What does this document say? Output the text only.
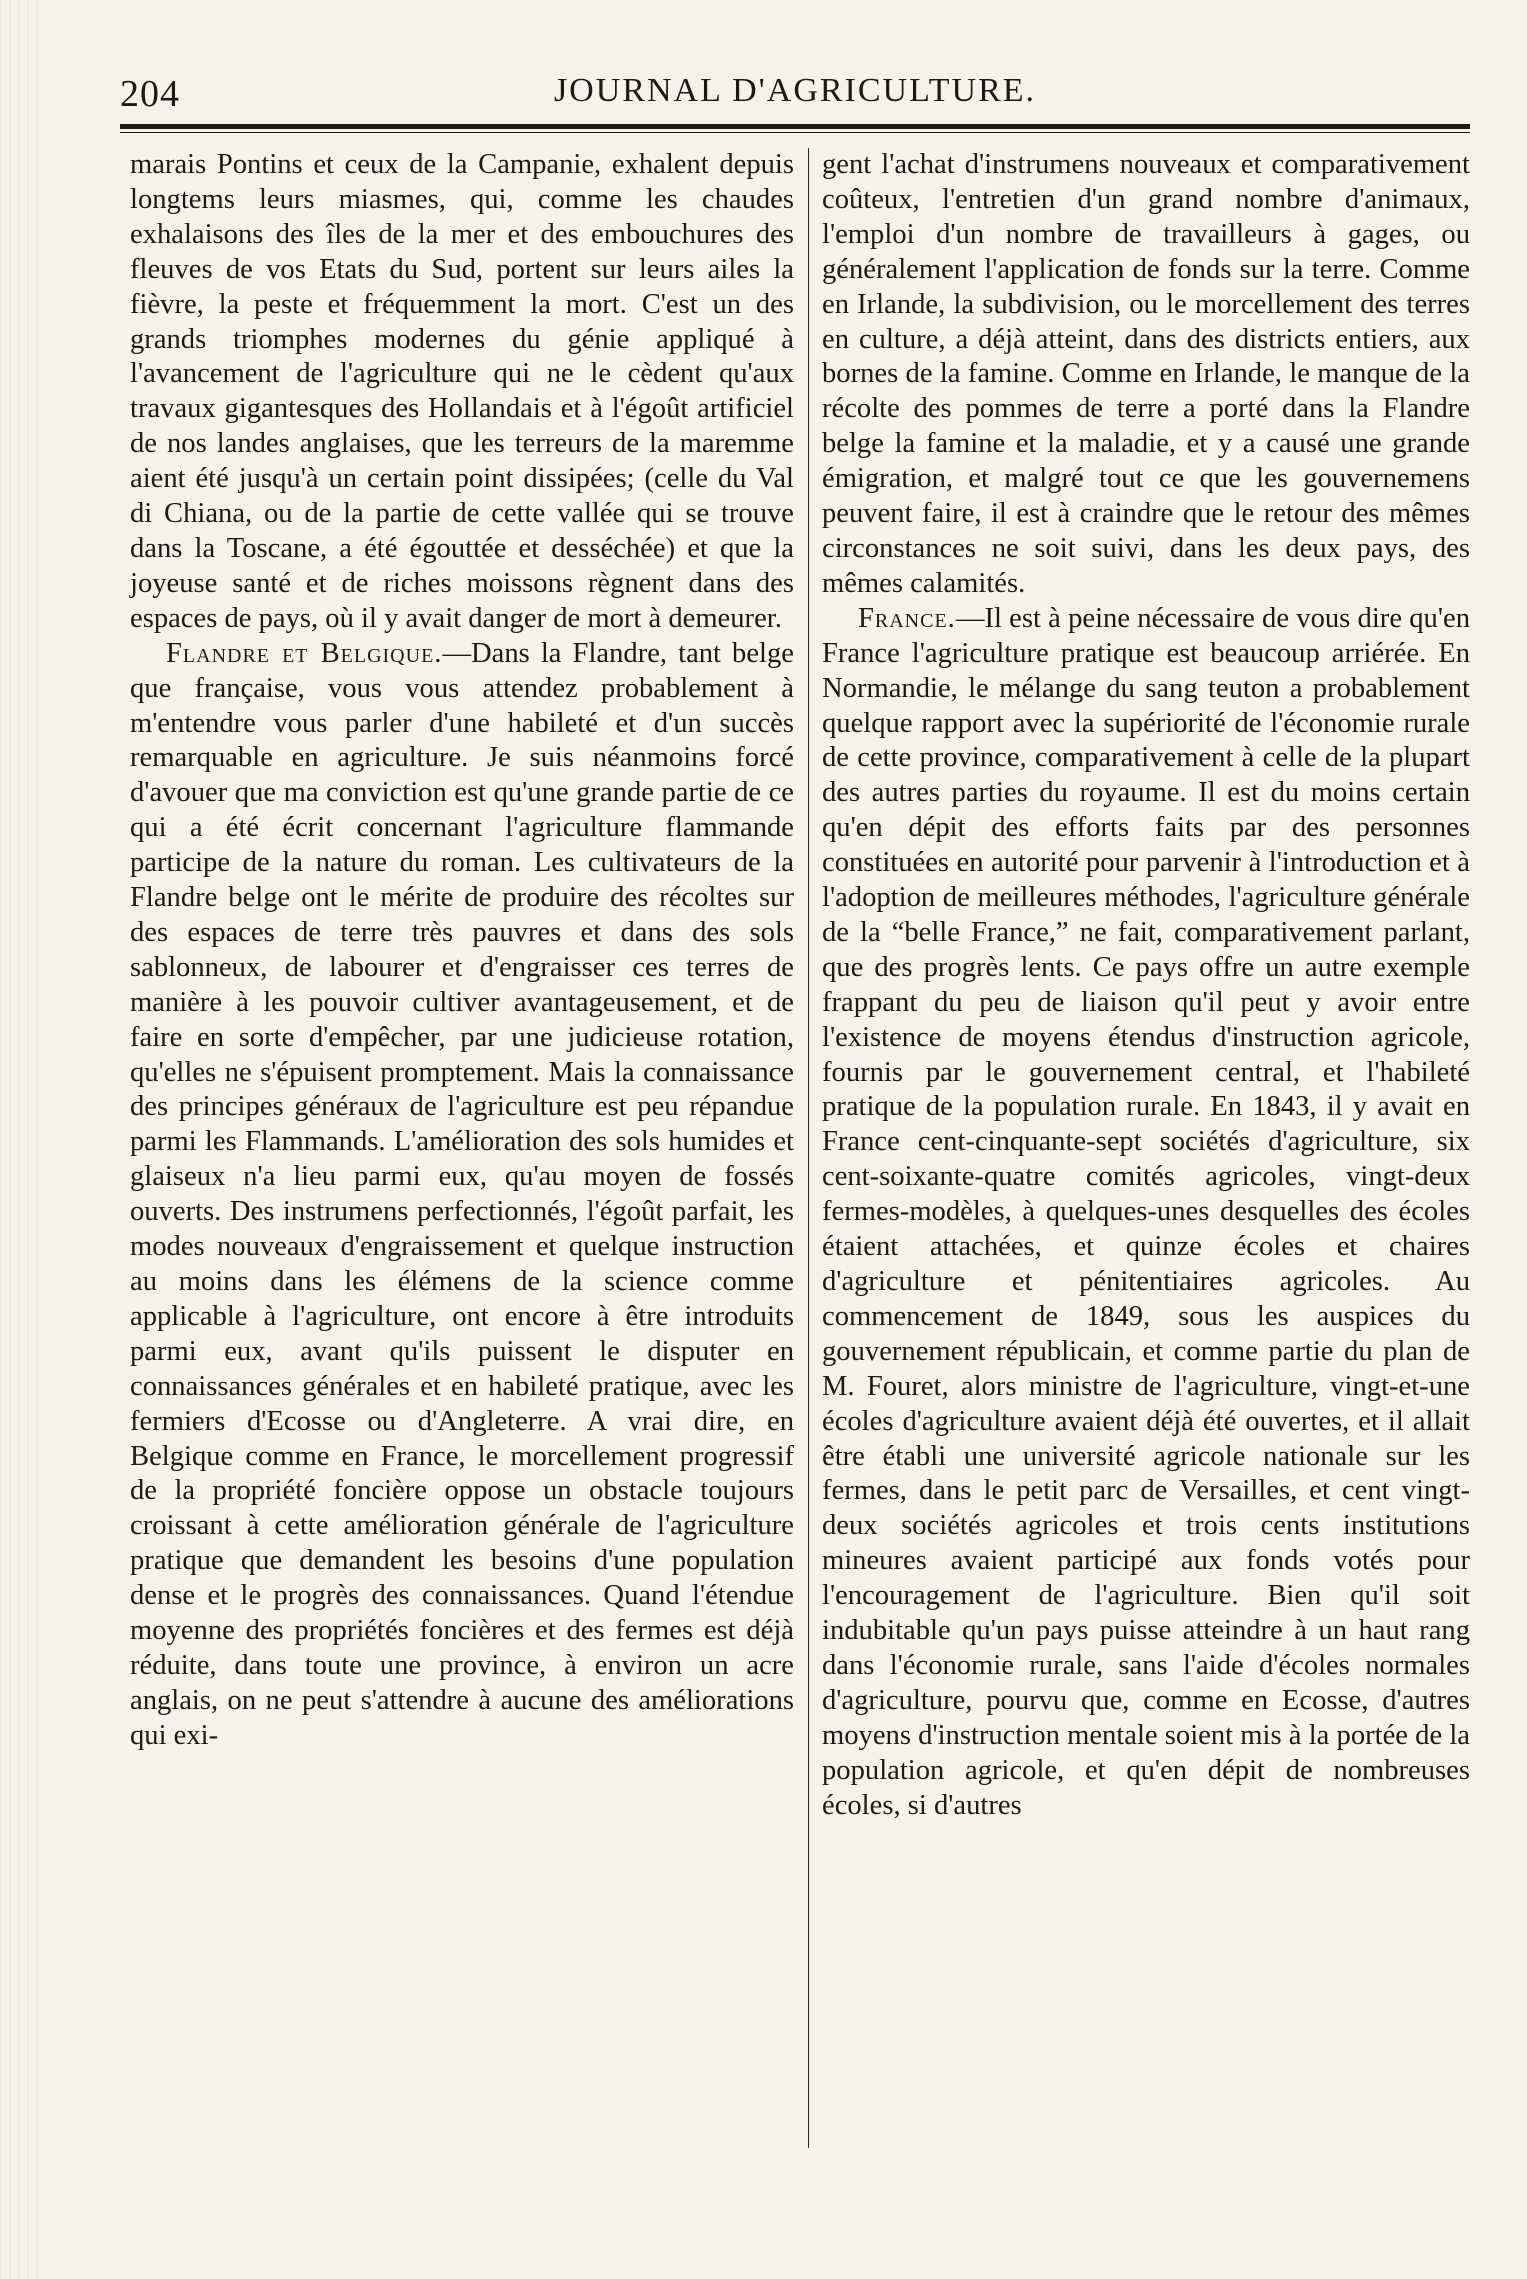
204	JOURNAL D'AGRICULTURE.

marais Pontins et ceux de la Campanie, exhalent depuis longtems leurs miasmes, qui, comme les chaudes exhalaisons des îles de la mer et des embouchures des fleuves de vos Etats du Sud, portent sur leurs ailes la fièvre, la peste et fréquemment la mort. C'est un des grands triomphes modernes du génie appliqué à l'avancement de l'agriculture qui ne le cèdent qu'aux travaux gigantesques des Hollandais et à l'égoût artificiel de nos landes anglaises, que les terreurs de la maremme aient été jusqu'à un certain point dissipées; (celle du Val di Chiana, ou de la partie de cette vallée qui se trouve dans la Toscane, a été égouttée et desséchée) et que la joyeuse santé et de riches moissons règnent dans des espaces de pays, où il y avait danger de mort à demeurer.

Flandre et Belgique.—Dans la Flandre, tant belge que française, vous vous attendez probablement à m'entendre vous parler d'une habileté et d'un succès remarquable en agriculture. Je suis néanmoins forcé d'avouer que ma conviction est qu'une grande partie de ce qui a été écrit concernant l'agriculture flammande participe de la nature du roman. Les cultivateurs de la Flandre belge ont le mérite de produire des récoltes sur des espaces de terre très pauvres et dans des sols sablonneux, de labourer et d'engraisser ces terres de manière à les pouvoir cultiver avantageusement, et de faire en sorte d'empêcher, par une judicieuse rotation, qu'elles ne s'épuisent promptement. Mais la connaissance des principes généraux de l'agriculture est peu répandue parmi les Flammands. L'amélioration des sols humides et glaiseux n'a lieu parmi eux, qu'au moyen de fossés ouverts. Des instrumens perfectionnés, l'égoût parfait, les modes nouveaux d'engraissement et quelque instruction au moins dans les élémens de la science comme applicable à l'agriculture, ont encore à être introduits parmi eux, avant qu'ils puissent le disputer en connaissances générales et en habileté pratique, avec les fermiers d'Ecosse ou d'Angleterre. A vrai dire, en Belgique comme en France, le morcellement progressif de la propriété foncière oppose un obstacle toujours croissant à cette amélioration générale de l'agriculture pratique que demandent les besoins d'une population dense et le progrès des connaissances. Quand l'étendue moyenne des propriétés foncières et des fermes est déjà réduite, dans toute une province, à environ un acre anglais, on ne peut s'attendre à aucune des améliorations qui exi-

gent l'achat d'instrumens nouveaux et comparativement coûteux, l'entretien d'un grand nombre d'animaux, l'emploi d'un nombre de travailleurs à gages, ou généralement l'application de fonds sur la terre. Comme en Irlande, la subdivision, ou le morcellement des terres en culture, a déjà atteint, dans des districts entiers, aux bornes de la famine. Comme en Irlande, le manque de la récolte des pommes de terre a porté dans la Flandre belge la famine et la maladie, et y a causé une grande émigration, et malgré tout ce que les gouvernemens peuvent faire, il est à craindre que le retour des mêmes circonstances ne soit suivi, dans les deux pays, des mêmes calamités.

France.—Il est à peine nécessaire de vous dire qu'en France l'agriculture pratique est beaucoup arriérée. En Normandie, le mélange du sang teuton a probablement quelque rapport avec la supériorité de l'économie rurale de cette province, comparativement à celle de la plupart des autres parties du royaume. Il est du moins certain qu'en dépit des efforts faits par des personnes constituées en autorité pour parvenir à l'introduction et à l'adoption de meilleures méthodes, l'agriculture générale de la “belle France,” ne fait, comparativement parlant, que des progrès lents. Ce pays offre un autre exemple frappant du peu de liaison qu'il peut y avoir entre l'existence de moyens étendus d'instruction agricole, fournis par le gouvernement central, et l'habileté pratique de la population rurale. En 1843, il y avait en France cent-cinquante-sept sociétés d'agriculture, six cent-soixante-quatre comités agricoles, vingt-deux fermes-modèles, à quelques-unes desquelles des écoles étaient attachées, et quinze écoles et chaires d'agriculture et pénitentiaires agricoles. Au commencement de 1849, sous les auspices du gouvernement républicain, et comme partie du plan de M. Fouret, alors ministre de l'agriculture, vingt-et-une écoles d'agriculture avaient déjà été ouvertes, et il allait être établi une université agricole nationale sur les fermes, dans le petit parc de Versailles, et cent vingt-deux sociétés agricoles et trois cents institutions mineures avaient participé aux fonds votés pour l'encouragement de l'agriculture. Bien qu'il soit indubitable qu'un pays puisse atteindre à un haut rang dans l'économie rurale, sans l'aide d'écoles normales d'agriculture, pourvu que, comme en Ecosse, d'autres moyens d'instruction mentale soient mis à la portée de la population agricole, et qu'en dépit de nombreuses écoles, si d'autres
